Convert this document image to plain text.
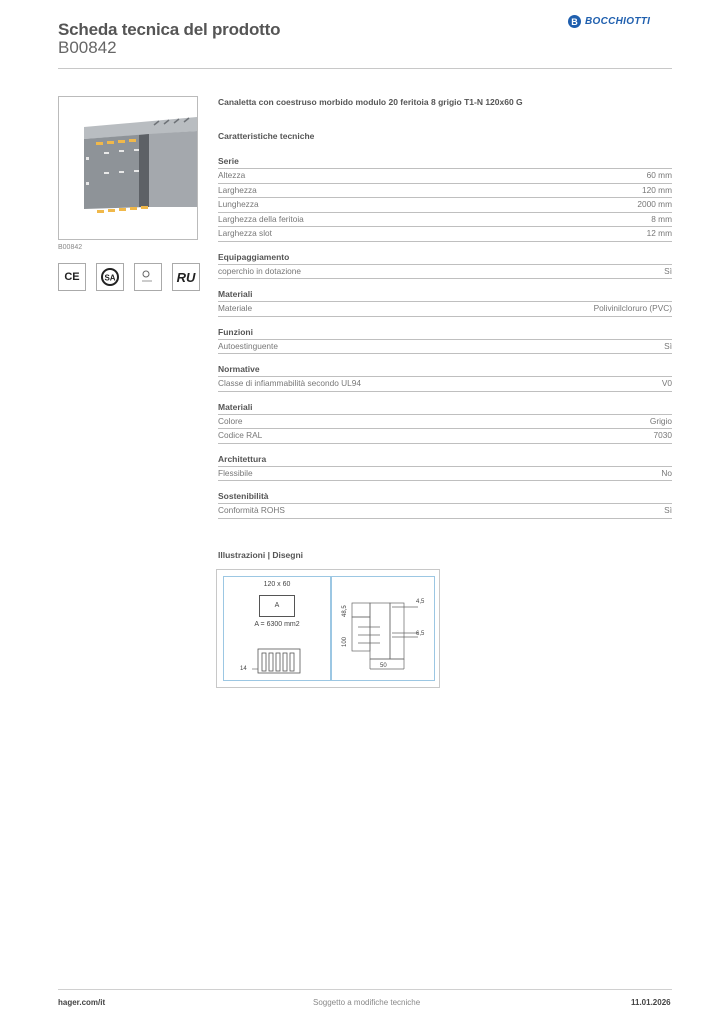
Scheda tecnica del prodotto
B00842
B BOCCHIOTTI
B00842
CE	SA	RU
Canaletta con coestruso morbido modulo 20 feritoia 8 grigio T1-N 120x60 G
Caratteristiche tecniche
Serie
Altezza	60 mm
Larghezza	120 mm
Lunghezza	2000 mm
Larghezza della feritoia	8 mm
Larghezza slot	12 mm
Equipaggiamento
coperchio in dotazione	Sì
Materiali
Materiale	Polivinilcloruro (PVC)
Funzioni
Autoestinguente	Sì
Normative
Classe di infiammabilità secondo UL94	V0
Materiali
Colore	Grigio
Codice RAL	7030
Architettura
Flessibile	No
Sostenibilità
Conformità ROHS	Sì
Illustrazioni | Disegni
120 x 60
A
A = 6300 mm2
14
4,5
6,5
48,5
100
50
hager.com/it	Soggetto a modifiche tecniche	11.01.2026
